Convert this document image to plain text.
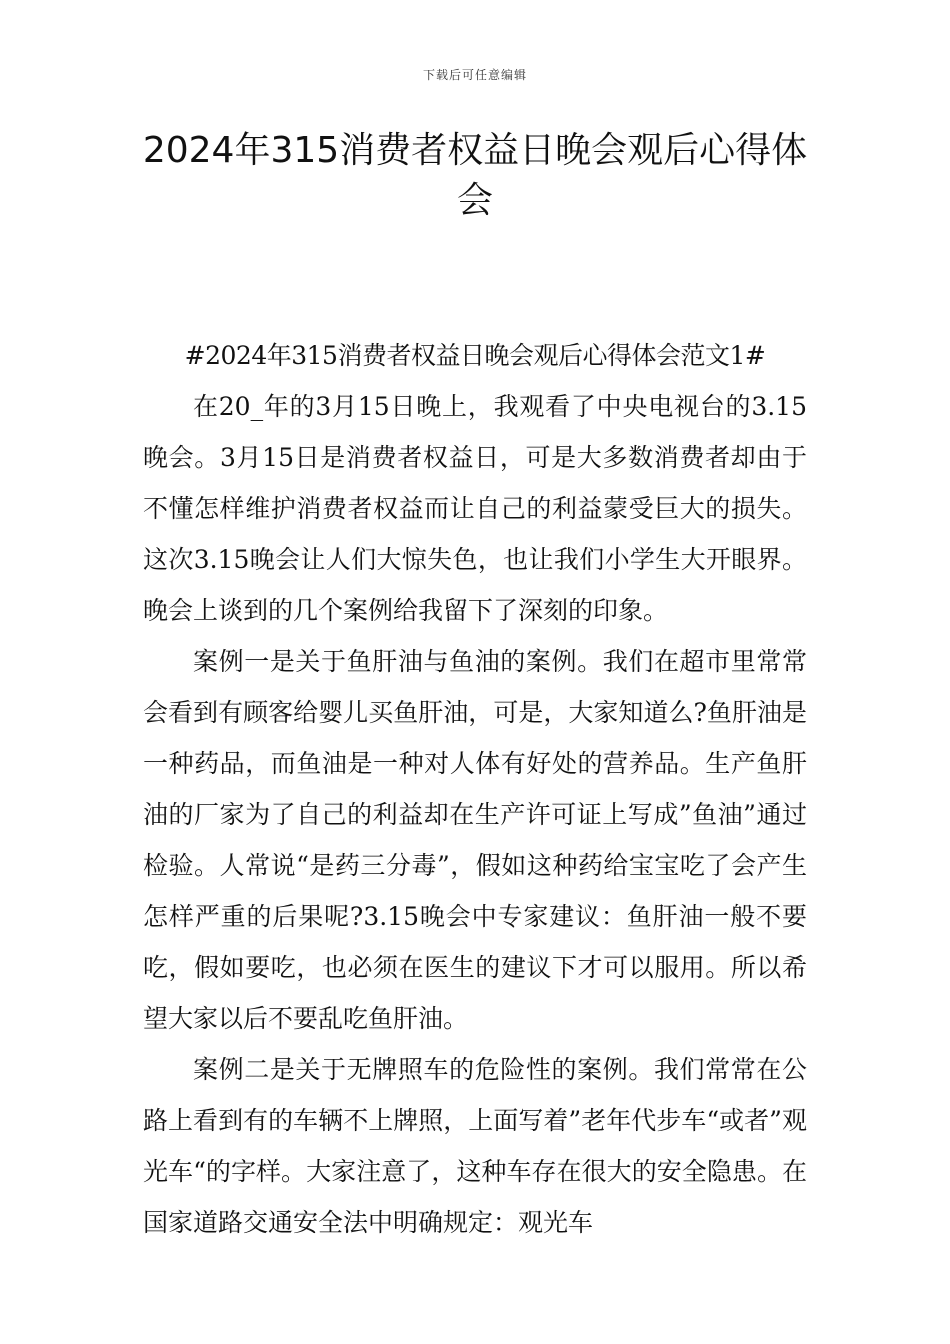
下载后可任意编辑
2024年315消费者权益日晚会观后心得体会

#2024年315消费者权益日晚会观后心得体会范文1#

在20_年的3月15日晚上，我观看了中央电视台的3.15晚会。3月15日是消费者权益日，可是大多数消费者却由于不懂怎样维护消费者权益而让自己的利益蒙受巨大的损失。这次3.15晚会让人们大惊失色，也让我们小学生大开眼界。晚会上谈到的几个案例给我留下了深刻的印象。

案例一是关于鱼肝油与鱼油的案例。我们在超市里常常会看到有顾客给婴儿买鱼肝油，可是，大家知道么?鱼肝油是一种药品，而鱼油是一种对人体有好处的营养品。生产鱼肝油的厂家为了自己的利益却在生产许可证上写成”鱼油”通过检验。人常说“是药三分毒”，假如这种药给宝宝吃了会产生怎样严重的后果呢?3.15晚会中专家建议：鱼肝油一般不要吃，假如要吃，也必须在医生的建议下才可以服用。所以希望大家以后不要乱吃鱼肝油。

案例二是关于无牌照车的危险性的案例。我们常常在公路上看到有的车辆不上牌照，上面写着”老年代步车“或者”观光车“的字样。大家注意了，这种车存在很大的安全隐患。在国家道路交通安全法中明确规定：观光车
